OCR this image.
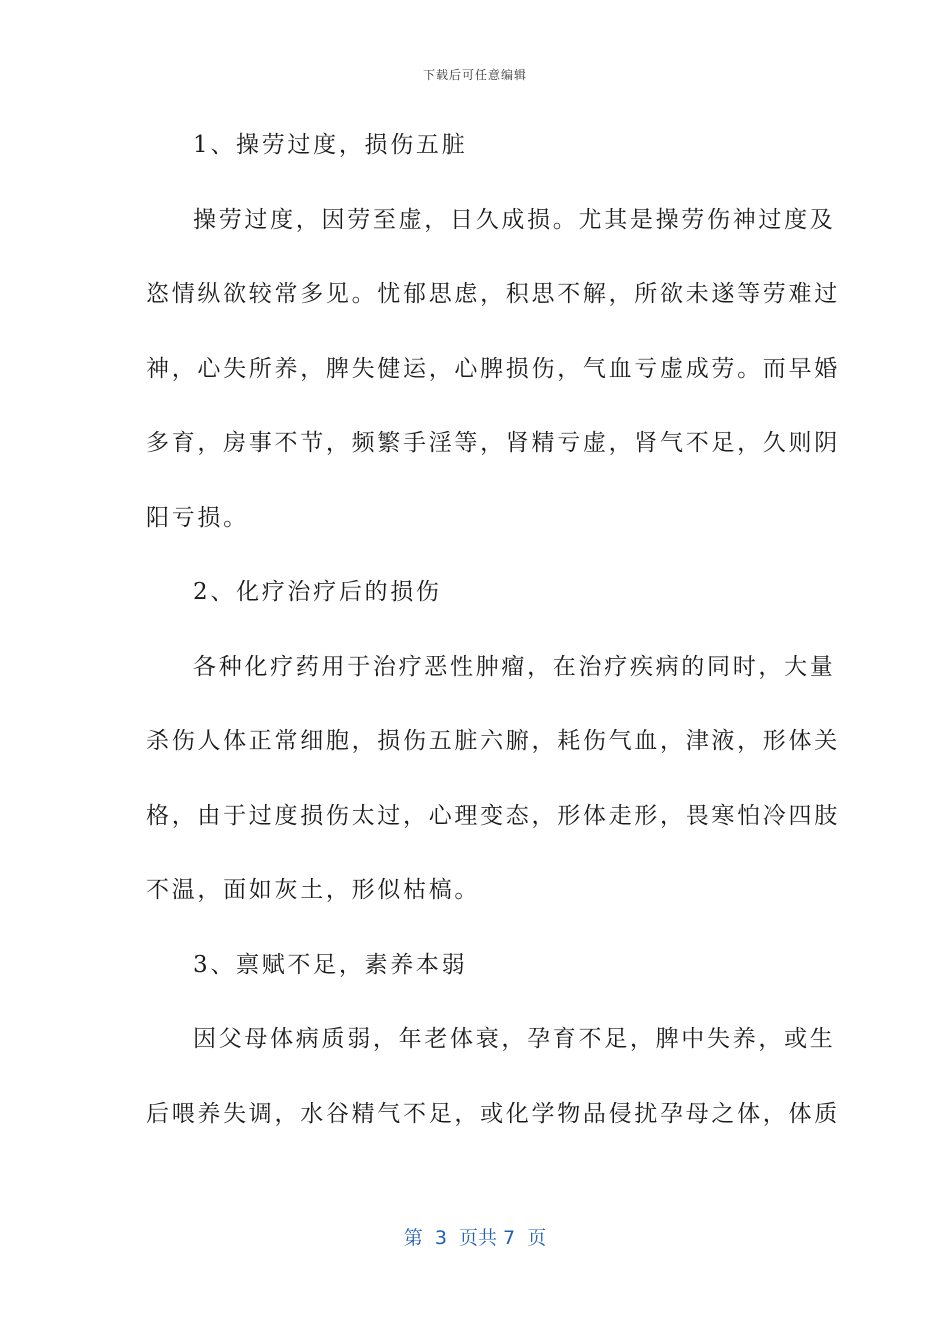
下载后可任意编辑
1、操劳过度，损伤五脏
操劳过度，因劳至虚，日久成损。尤其是操劳伤神过度及
恣情纵欲较常多见。忧郁思虑，积思不解，所欲未遂等劳难过
神，心失所养，脾失健运，心脾损伤，气血亏虚成劳。而早婚
多育，房事不节，频繁手淫等，肾精亏虚，肾气不足，久则阴
阳亏损。
2、化疗治疗后的损伤
各种化疗药用于治疗恶性肿瘤，在治疗疾病的同时，大量
杀伤人体正常细胞，损伤五脏六腑，耗伤气血，津液，形体关
格，由于过度损伤太过，心理变态，形体走形，畏寒怕冷四肢
不温，面如灰土，形似枯槁。
3、禀赋不足，素养本弱
因父母体病质弱，年老体衰，孕育不足，脾中失养，或生
后喂养失调，水谷精气不足，或化学物品侵扰孕母之体，体质
第  3  页共 7  页
